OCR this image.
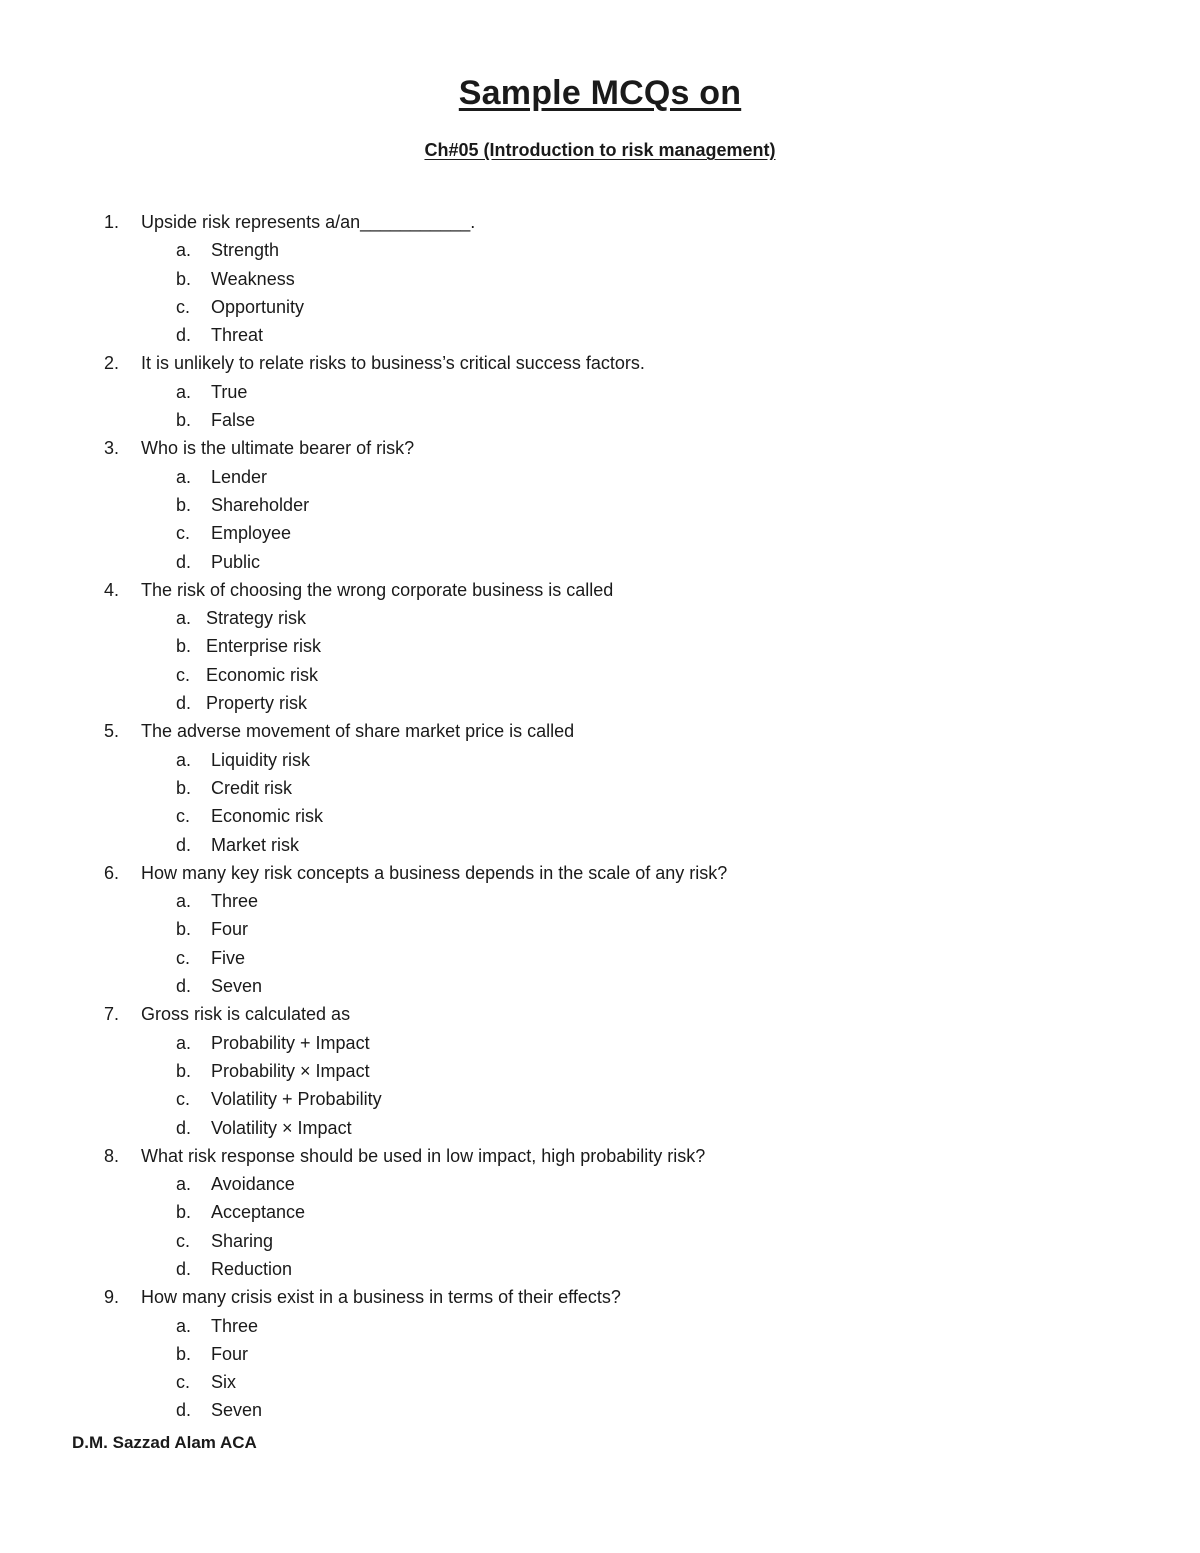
Sample MCQs on
Ch#05 (Introduction to risk management)
1. Upside risk represents a/an___________.
a. Strength
b. Weakness
c. Opportunity
d. Threat
2. It is unlikely to relate risks to business’s critical success factors.
a. True
b. False
3. Who is the ultimate bearer of risk?
a. Lender
b. Shareholder
c. Employee
d. Public
4. The risk of choosing the wrong corporate business is called
a. Strategy risk
b. Enterprise risk
c. Economic risk
d. Property risk
5. The adverse movement of share market price is called
a. Liquidity risk
b. Credit risk
c. Economic risk
d. Market risk
6. How many key risk concepts a business depends in the scale of any risk?
a. Three
b. Four
c. Five
d. Seven
7. Gross risk is calculated as
a. Probability + Impact
b. Probability × Impact
c. Volatility + Probability
d. Volatility × Impact
8. What risk response should be used in low impact, high probability risk?
a. Avoidance
b. Acceptance
c. Sharing
d. Reduction
9. How many crisis exist in a business in terms of their effects?
a. Three
b. Four
c. Six
d. Seven
D.M. Sazzad Alam ACA
